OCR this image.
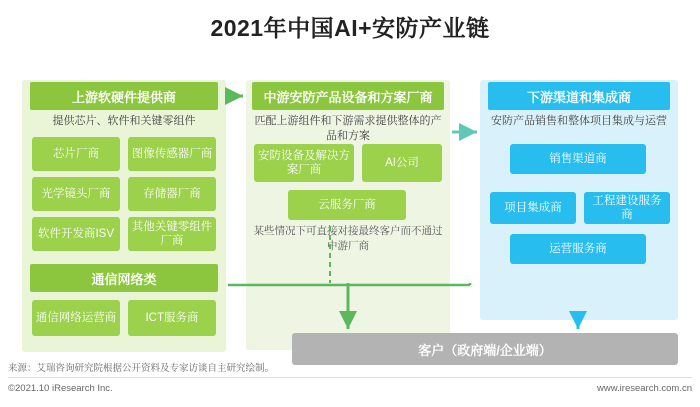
2021年中国AI+安防产业链
上游软硬件提供商	中游安防产品设备和方案厂商	下游渠道和集成商
通信网络类
提供芯片、软件和关键零组件	匹配上游组件和下游需求提供整体的产品和方案
安防产品销售和整体项目集成与运营
芯片厂商	图像传感器厂商
光学镜头厂商	存储器厂商
软件开发商ISV
其他关键零组件厂商
安防设备及解决方案厂商
AI公司
云服务厂商
某些情况下可直接对接最终客户而不通过中游厂商
销售渠道商
项目集成商
工程建设服务商
运营服务商
通信网络运营商	ICT服务商
客户（政府端/企业端）
来源：艾瑞咨询研究院根据公开资料及专家访谈自主研究绘制。
©2021.10 iResearch Inc.	www.iresearch.com.cn
